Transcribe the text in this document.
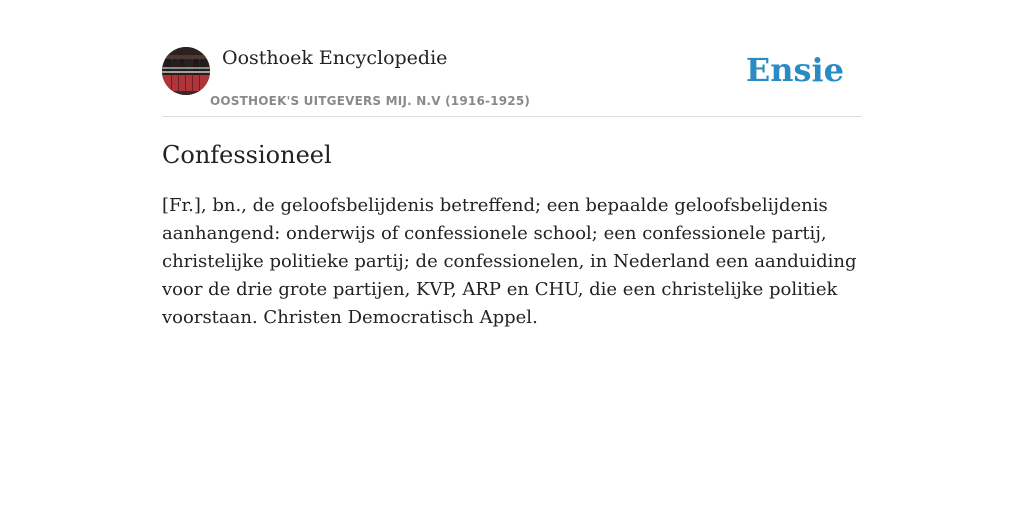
Oosthoek Encyclopedie
OOSTHOEK'S UITGEVERS MIJ. N.V (1916-1925)
Ensie
Confessioneel

[Fr.], bn., de geloofsbelijdenis betreffend; een bepaalde geloofsbelijdenis aanhangend: onderwijs of confessionele school; een confessionele partij, christelijke politieke partij; de confessionelen, in Nederland een aanduiding voor de drie grote partijen, KVP, ARP en CHU, die een christelijke politiek voorstaan. Christen Democratisch Appel.
